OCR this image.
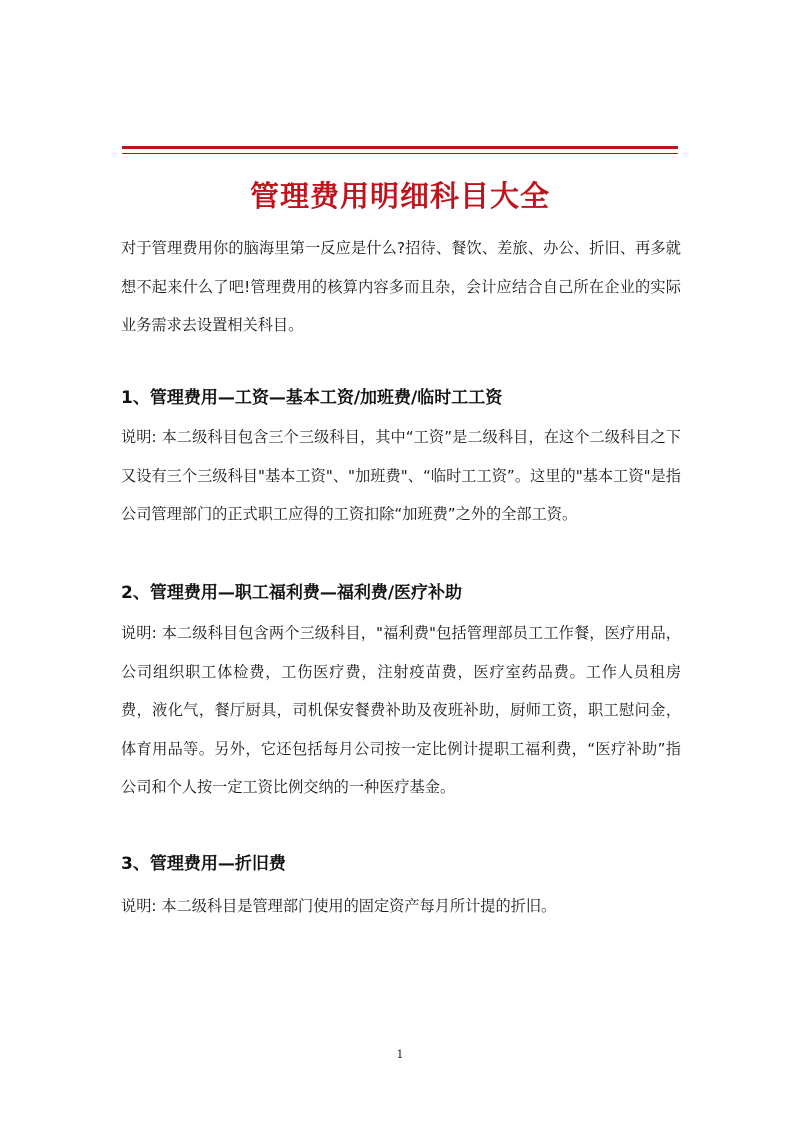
管理费用明细科目大全

对于管理费用你的脑海里第一反应是什么?招待、餐饮、差旅、办公、折旧、再多就想不起来什么了吧!管理费用的核算内容多而且杂，会计应结合自己所在企业的实际业务需求去设置相关科目。

1、管理费用—工资—基本工资/加班费/临时工工资

说明: 本二级科目包含三个三级科目，其中“工资”是二级科目，在这个二级科目之下又设有三个三级科目"基本工资"、"加班费"、“临时工工资”。这里的"基本工资"是指公司管理部门的正式职工应得的工资扣除“加班费”之外的全部工资。

2、管理费用—职工福利费—福利费/医疗补助

说明: 本二级科目包含两个三级科目，"福利费"包括管理部员工工作餐，医疗用品，公司组织职工体检费，工伤医疗费，注射疫苗费，医疗室药品费。工作人员租房费，液化气，餐厅厨具，司机保安餐费补助及夜班补助，厨师工资，职工慰问金，体育用品等。另外，它还包括每月公司按一定比例计提职工福利费，“医疗补助”指公司和个人按一定工资比例交纳的一种医疗基金。

3、管理费用—折旧费

说明: 本二级科目是管理部门使用的固定资产每月所计提的折旧。

1
